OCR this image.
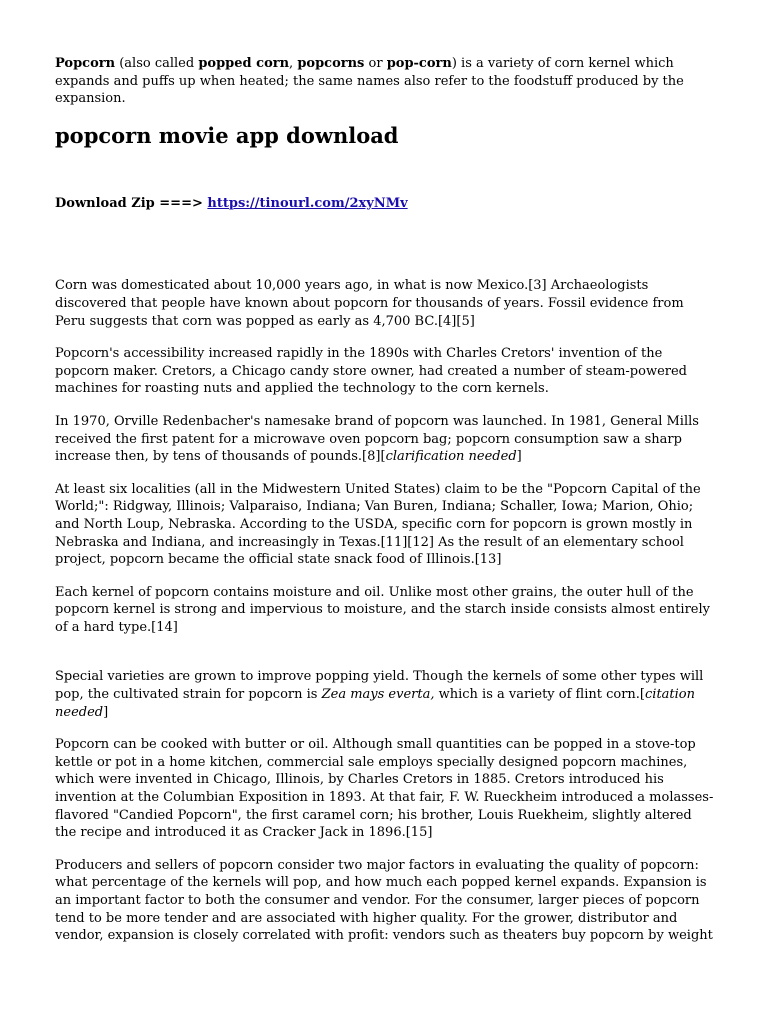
Popcorn (also called popped corn, popcorns or pop-corn) is a variety of corn kernel which expands and puffs up when heated; the same names also refer to the foodstuff produced by the expansion.

popcorn movie app download

Download Zip ===> https://tinourl.com/2xyNMv

Corn was domesticated about 10,000 years ago, in what is now Mexico.[3] Archaeologists discovered that people have known about popcorn for thousands of years. Fossil evidence from Peru suggests that corn was popped as early as 4,700 BC.[4][5]

Popcorn's accessibility increased rapidly in the 1890s with Charles Cretors' invention of the popcorn maker. Cretors, a Chicago candy store owner, had created a number of steam-powered machines for roasting nuts and applied the technology to the corn kernels.

In 1970, Orville Redenbacher's namesake brand of popcorn was launched. In 1981, General Mills received the first patent for a microwave oven popcorn bag; popcorn consumption saw a sharp increase then, by tens of thousands of pounds.[8][clarification needed]

At least six localities (all in the Midwestern United States) claim to be the "Popcorn Capital of the World;": Ridgway, Illinois; Valparaiso, Indiana; Van Buren, Indiana; Schaller, Iowa; Marion, Ohio; and North Loup, Nebraska. According to the USDA, specific corn for popcorn is grown mostly in Nebraska and Indiana, and increasingly in Texas.[11][12] As the result of an elementary school project, popcorn became the official state snack food of Illinois.[13]

Each kernel of popcorn contains moisture and oil. Unlike most other grains, the outer hull of the popcorn kernel is strong and impervious to moisture, and the starch inside consists almost entirely of a hard type.[14]

Special varieties are grown to improve popping yield. Though the kernels of some other types will pop, the cultivated strain for popcorn is Zea mays everta, which is a variety of flint corn.[citation needed]

Popcorn can be cooked with butter or oil. Although small quantities can be popped in a stove-top kettle or pot in a home kitchen, commercial sale employs specially designed popcorn machines, which were invented in Chicago, Illinois, by Charles Cretors in 1885. Cretors introduced his invention at the Columbian Exposition in 1893. At that fair, F. W. Rueckheim introduced a molasses-flavored "Candied Popcorn", the first caramel corn; his brother, Louis Ruekheim, slightly altered the recipe and introduced it as Cracker Jack in 1896.[15]

Producers and sellers of popcorn consider two major factors in evaluating the quality of popcorn: what percentage of the kernels will pop, and how much each popped kernel expands. Expansion is an important factor to both the consumer and vendor. For the consumer, larger pieces of popcorn tend to be more tender and are associated with higher quality. For the grower, distributor and vendor, expansion is closely correlated with profit: vendors such as theaters buy popcorn by weight
